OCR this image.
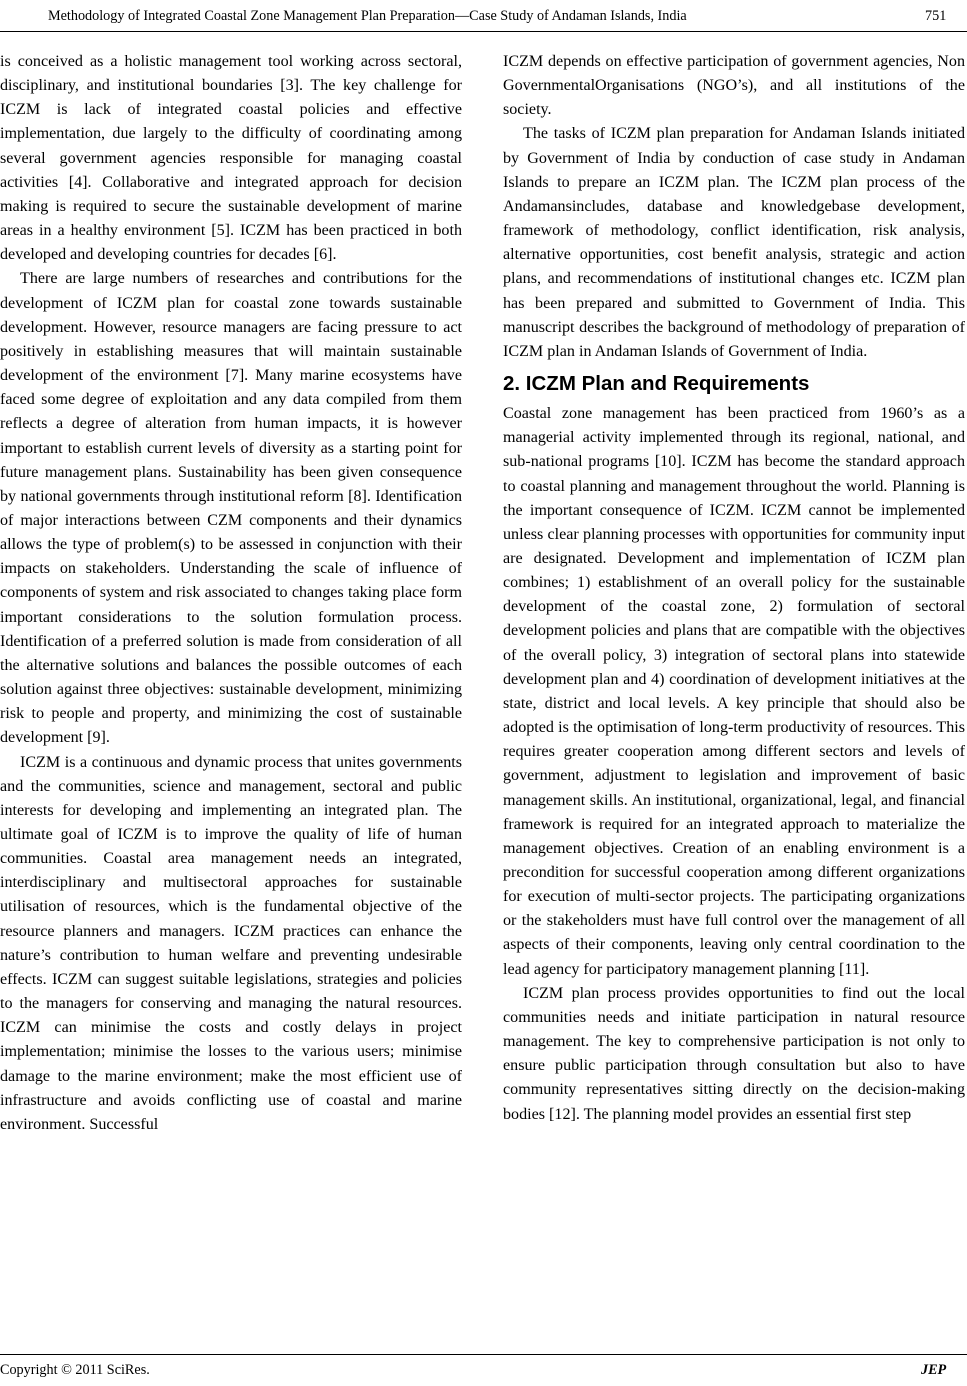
Methodology of Integrated Coastal Zone Management Plan Preparation—Case Study of Andaman Islands, India	751

is conceived as a holistic management tool working across sectoral, disciplinary, and institutional boundaries [3]. The key challenge for ICZM is lack of integrated coastal policies and effective implementation, due largely to the difficulty of coordinating among several government agencies responsible for managing coastal activities [4]. Collaborative and integrated approach for decision making is required to secure the sustainable development of marine areas in a healthy environment [5]. ICZM has been practiced in both developed and developing countries for decades [6].

There are large numbers of researches and contributions for the development of ICZM plan for coastal zone towards sustainable development. However, resource managers are facing pressure to act positively in establishing measures that will maintain sustainable development of the environment [7]. Many marine ecosystems have faced some degree of exploitation and any data compiled from them reflects a degree of alteration from human impacts, it is however important to establish current levels of diversity as a starting point for future management plans. Sustainability has been given consequence by national governments through institutional reform [8]. Identification of major interactions between CZM components and their dynamics allows the type of problem(s) to be assessed in conjunction with their impacts on stakeholders. Understanding the scale of influence of components of system and risk associated to changes taking place form important considerations to the solution formulation process. Identification of a preferred solution is made from consideration of all the alternative solutions and balances the possible outcomes of each solution against three objectives: sustainable development, minimizing risk to people and property, and minimizing the cost of sustainable development [9].

ICZM is a continuous and dynamic process that unites governments and the communities, science and management, sectoral and public interests for developing and implementing an integrated plan. The ultimate goal of ICZM is to improve the quality of life of human communities. Coastal area management needs an integrated, interdisciplinary and multisectoral approaches for sustainable utilisation of resources, which is the fundamental objective of the resource planners and managers. ICZM practices can enhance the nature’s contribution to human welfare and preventing undesirable effects. ICZM can suggest suitable legislations, strategies and policies to the managers for conserving and managing the natural resources. ICZM can minimise the costs and costly delays in project implementation; minimise the losses to the various users; minimise damage to the marine environment; make the most efficient use of infrastructure and avoids conflicting use of coastal and marine environment. Successful

ICZM depends on effective participation of government agencies, Non GovernmentalOrganisations (NGO’s), and all institutions of the society.

The tasks of ICZM plan preparation for Andaman Islands initiated by Government of India by conduction of case study in Andaman Islands to prepare an ICZM plan. The ICZM plan process of the Andamansincludes, database and knowledgebase development, framework of methodology, conflict identification, risk analysis, alternative opportunities, cost benefit analysis, strategic and action plans, and recommendations of institutional changes etc. ICZM plan has been prepared and submitted to Government of India. This manuscript describes the background of methodology of preparation of ICZM plan in Andaman Islands of Government of India.

2. ICZM Plan and Requirements

Coastal zone management has been practiced from 1960’s as a managerial activity implemented through its regional, national, and sub-national programs [10]. ICZM has become the standard approach to coastal planning and management throughout the world. Planning is the important consequence of ICZM. ICZM cannot be implemented unless clear planning processes with opportunities for community input are designated. Development and implementation of ICZM plan combines; 1) establishment of an overall policy for the sustainable development of the coastal zone, 2) formulation of sectoral development policies and plans that are compatible with the objectives of the overall policy, 3) integration of sectoral plans into statewide development plan and 4) coordination of development initiatives at the state, district and local levels. A key principle that should also be adopted is the optimisation of long-term productivity of resources. This requires greater cooperation among different sectors and levels of government, adjustment to legislation and improvement of basic management skills. An institutional, organizational, legal, and financial framework is required for an integrated approach to materialize the management objectives. Creation of an enabling environment is a precondition for successful cooperation among different organizations for execution of multi-sector projects. The participating organizations or the stakeholders must have full control over the management of all aspects of their components, leaving only central coordination to the lead agency for participatory management planning [11].

ICZM plan process provides opportunities to find out the local communities needs and initiate participation in natural resource management. The key to comprehensive participation is not only to ensure public participation through consultation but also to have community representatives sitting directly on the decision-making bodies [12]. The planning model provides an essential first step

Copyright © 2011 SciRes.	JEP
